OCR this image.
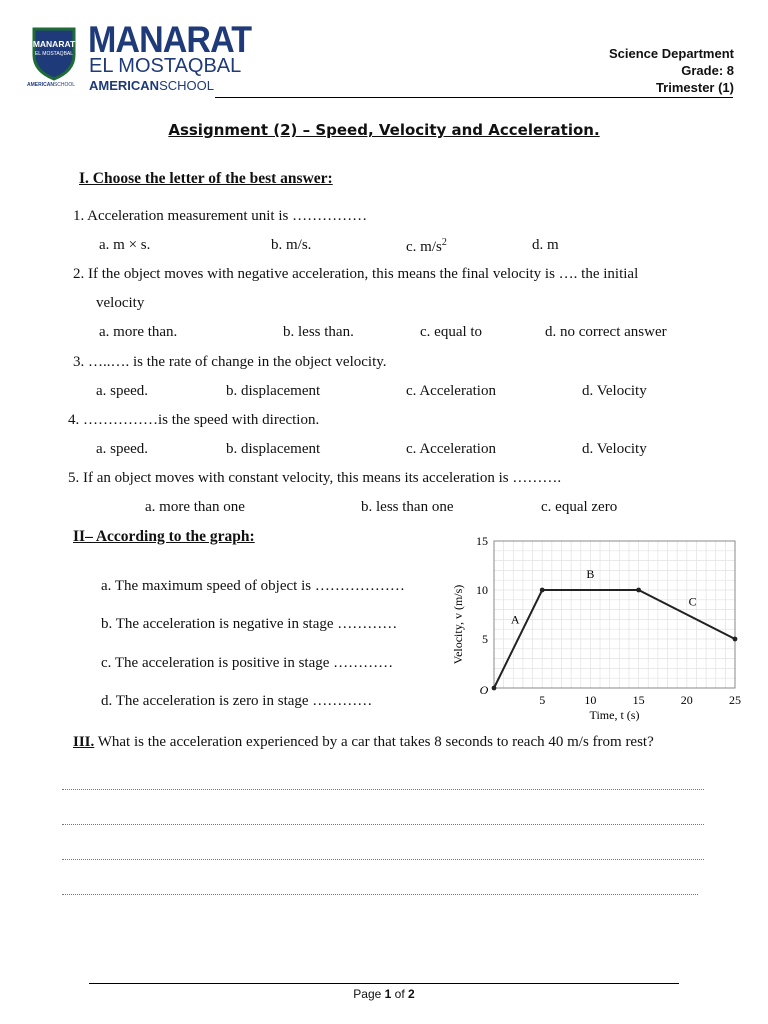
MANARAT
EL MOSTAQBAL
AMERICANSCHOOL
MANARAT
EL MOSTAQBAL
AMERICANSCHOOL
Science Department
Grade: 8
Trimester (1)
Assignment (2) – Speed, Velocity and Acceleration.
I. Choose the letter of the best answer:
1. Acceleration measurement unit is ……………
a. m × s.	b. m/s.	c. $m/s^2$	d. m
2. If the object moves with negative acceleration, this means the final velocity is …. the initial
velocity
a. more than.	b. less than.	c. equal to	d. no correct answer
3. …..…. is the rate of change in the object velocity.
a. speed.	b. displacement	c. Acceleration	d. Velocity
4. ……………is the speed with direction.
a. speed.	b. displacement	c. Acceleration	d. Velocity
5. If an object moves with constant velocity, this means its acceleration is ……….
a. more than one	b. less than one	c. equal zero
II– According to the graph:
a. The maximum speed of object is ………………
b. The acceleration is negative in stage …………
c. The acceleration is positive in stage …………
d. The acceleration is zero in stage …………	5	10	15	20	25
5
10
15
A
B
C
O
Time, t (s)
Velocity, v (m/s)
III. What is the acceleration experienced by a car that takes 8 seconds to reach 40 m/s from rest?
Page 1 of 2
